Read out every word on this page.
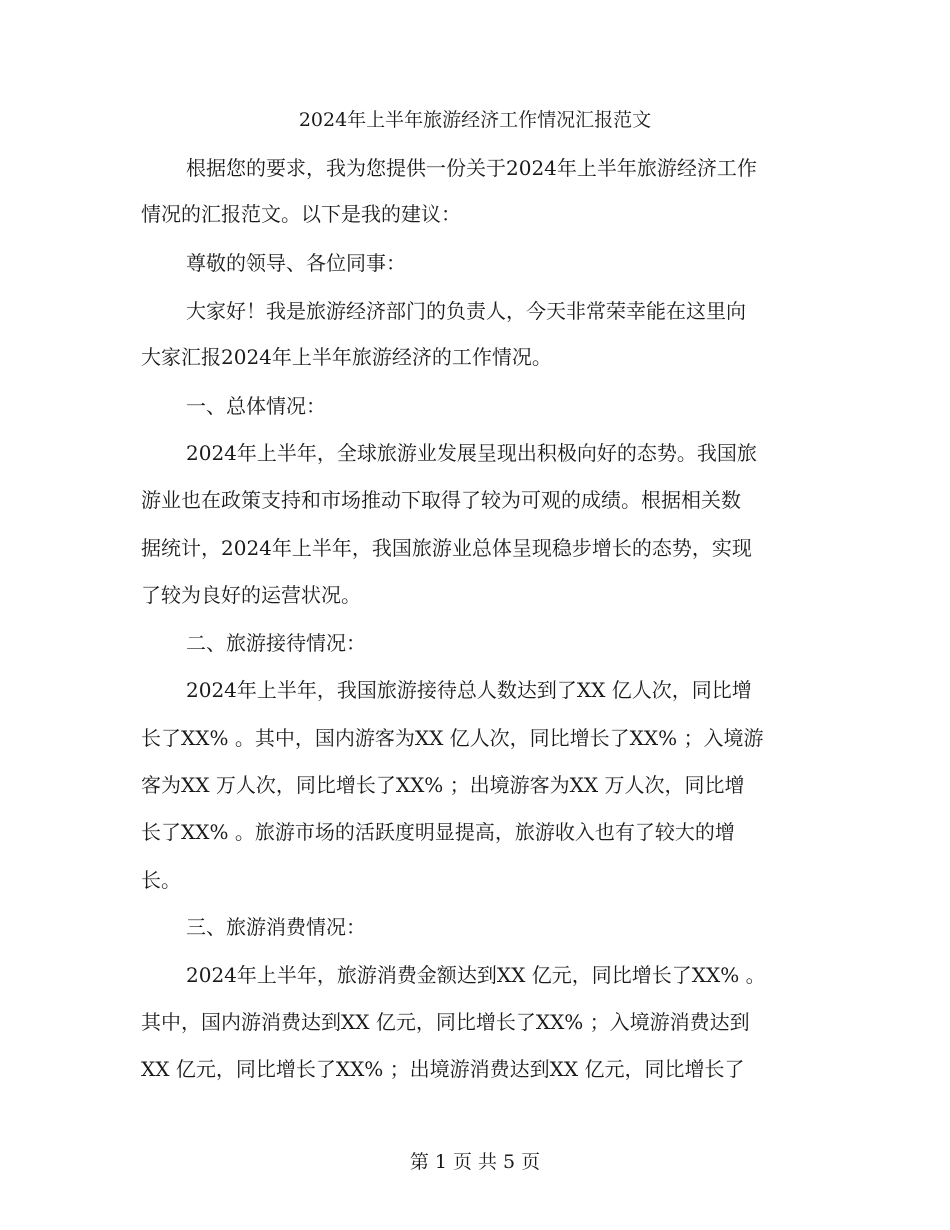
2024年上半年旅游经济工作情况汇报范文
根据您的要求，我为您提供一份关于2024年上半年旅游经济工作
情况的汇报范文。以下是我的建议：
尊敬的领导、各位同事：
大家好！我是旅游经济部门的负责人，今天非常荣幸能在这里向
大家汇报2024年上半年旅游经济的工作情况。
一、总体情况：
2024年上半年，全球旅游业发展呈现出积极向好的态势。我国旅
游业也在政策支持和市场推动下取得了较为可观的成绩。根据相关数
据统计，2024年上半年，我国旅游业总体呈现稳步增长的态势，实现
了较为良好的运营状况。
二、旅游接待情况：
2024年上半年，我国旅游接待总人数达到了XX 亿人次，同比增
长了XX% 。其中，国内游客为XX 亿人次，同比增长了XX% ；入境游
客为XX 万人次，同比增长了XX% ；出境游客为XX 万人次，同比增
长了XX% 。旅游市场的活跃度明显提高，旅游收入也有了较大的增
长。
三、旅游消费情况：
2024年上半年，旅游消费金额达到XX 亿元，同比增长了XX% 。
其中，国内游消费达到XX 亿元，同比增长了XX% ；入境游消费达到
XX 亿元，同比增长了XX% ；出境游消费达到XX 亿元，同比增长了
第 1 页 共 5 页
